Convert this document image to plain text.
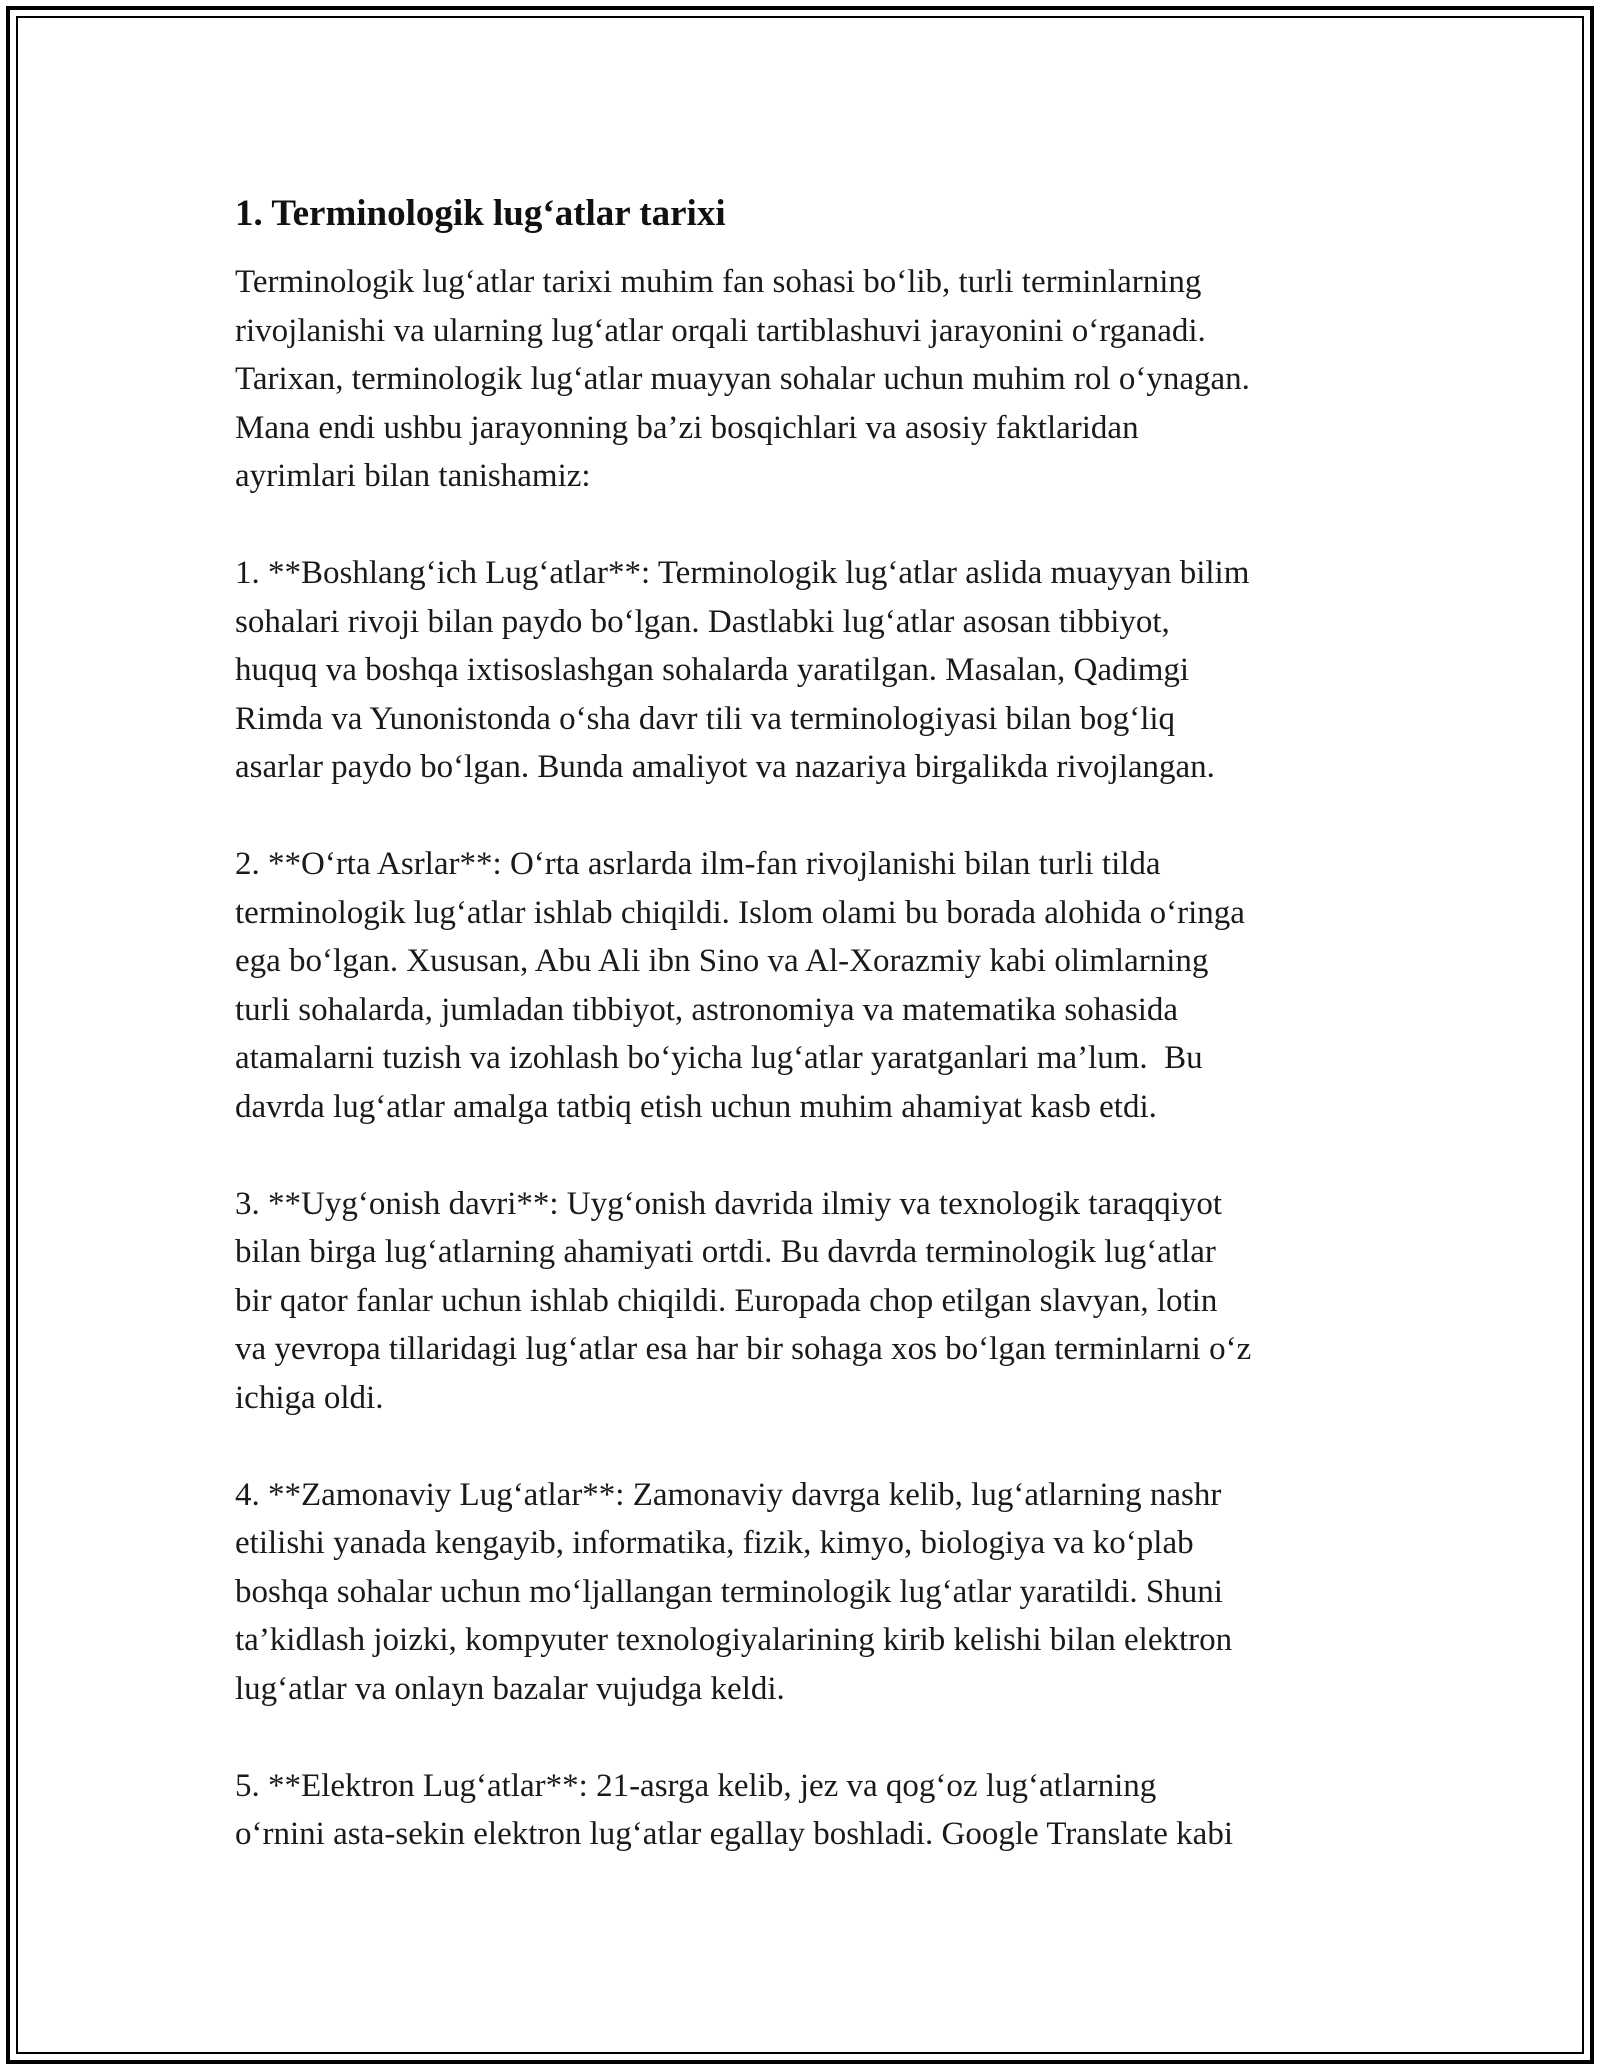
1. Terminologik lug‘atlar tarixi

Terminologik lug‘atlar tarixi muhim fan sohasi bo‘lib, turli terminlarning
rivojlanishi va ularning lug‘atlar orqali tartiblashuvi jarayonini o‘rganadi.
Tarixan, terminologik lug‘atlar muayyan sohalar uchun muhim rol o‘ynagan.
Mana endi ushbu jarayonning ba’zi bosqichlari va asosiy faktlaridan
ayrimlari bilan tanishamiz:

1. **Boshlang‘ich Lug‘atlar**: Terminologik lug‘atlar aslida muayyan bilim
sohalari rivoji bilan paydo bo‘lgan. Dastlabki lug‘atlar asosan tibbiyot,
huquq va boshqa ixtisoslashgan sohalarda yaratilgan. Masalan, Qadimgi
Rimda va Yunonistonda o‘sha davr tili va terminologiyasi bilan bog‘liq
asarlar paydo bo‘lgan. Bunda amaliyot va nazariya birgalikda rivojlangan.

2. **O‘rta Asrlar**: O‘rta asrlarda ilm-fan rivojlanishi bilan turli tilda
terminologik lug‘atlar ishlab chiqildi. Islom olami bu borada alohida o‘ringa
ega bo‘lgan. Xususan, Abu Ali ibn Sino va Al-Xorazmiy kabi olimlarning
turli sohalarda, jumladan tibbiyot, astronomiya va matematika sohasida
atamalarni tuzish va izohlash bo‘yicha lug‘atlar yaratganlari ma’lum.  Bu
davrda lug‘atlar amalga tatbiq etish uchun muhim ahamiyat kasb etdi.

3. **Uyg‘onish davri**: Uyg‘onish davrida ilmiy va texnologik taraqqiyot
bilan birga lug‘atlarning ahamiyati ortdi. Bu davrda terminologik lug‘atlar
bir qator fanlar uchun ishlab chiqildi. Europada chop etilgan slavyan, lotin
va yevropa tillaridagi lug‘atlar esa har bir sohaga xos bo‘lgan terminlarni o‘z
ichiga oldi.

4. **Zamonaviy Lug‘atlar**: Zamonaviy davrga kelib, lug‘atlarning nashr
etilishi yanada kengayib, informatika, fizik, kimyo, biologiya va ko‘plab
boshqa sohalar uchun mo‘ljallangan terminologik lug‘atlar yaratildi. Shuni
ta’kidlash joizki, kompyuter texnologiyalarining kirib kelishi bilan elektron
lug‘atlar va onlayn bazalar vujudga keldi.

5. **Elektron Lug‘atlar**: 21-asrga kelib, jez va qog‘oz lug‘atlarning
o‘rnini asta-sekin elektron lug‘atlar egallay boshladi. Google Translate kabi
